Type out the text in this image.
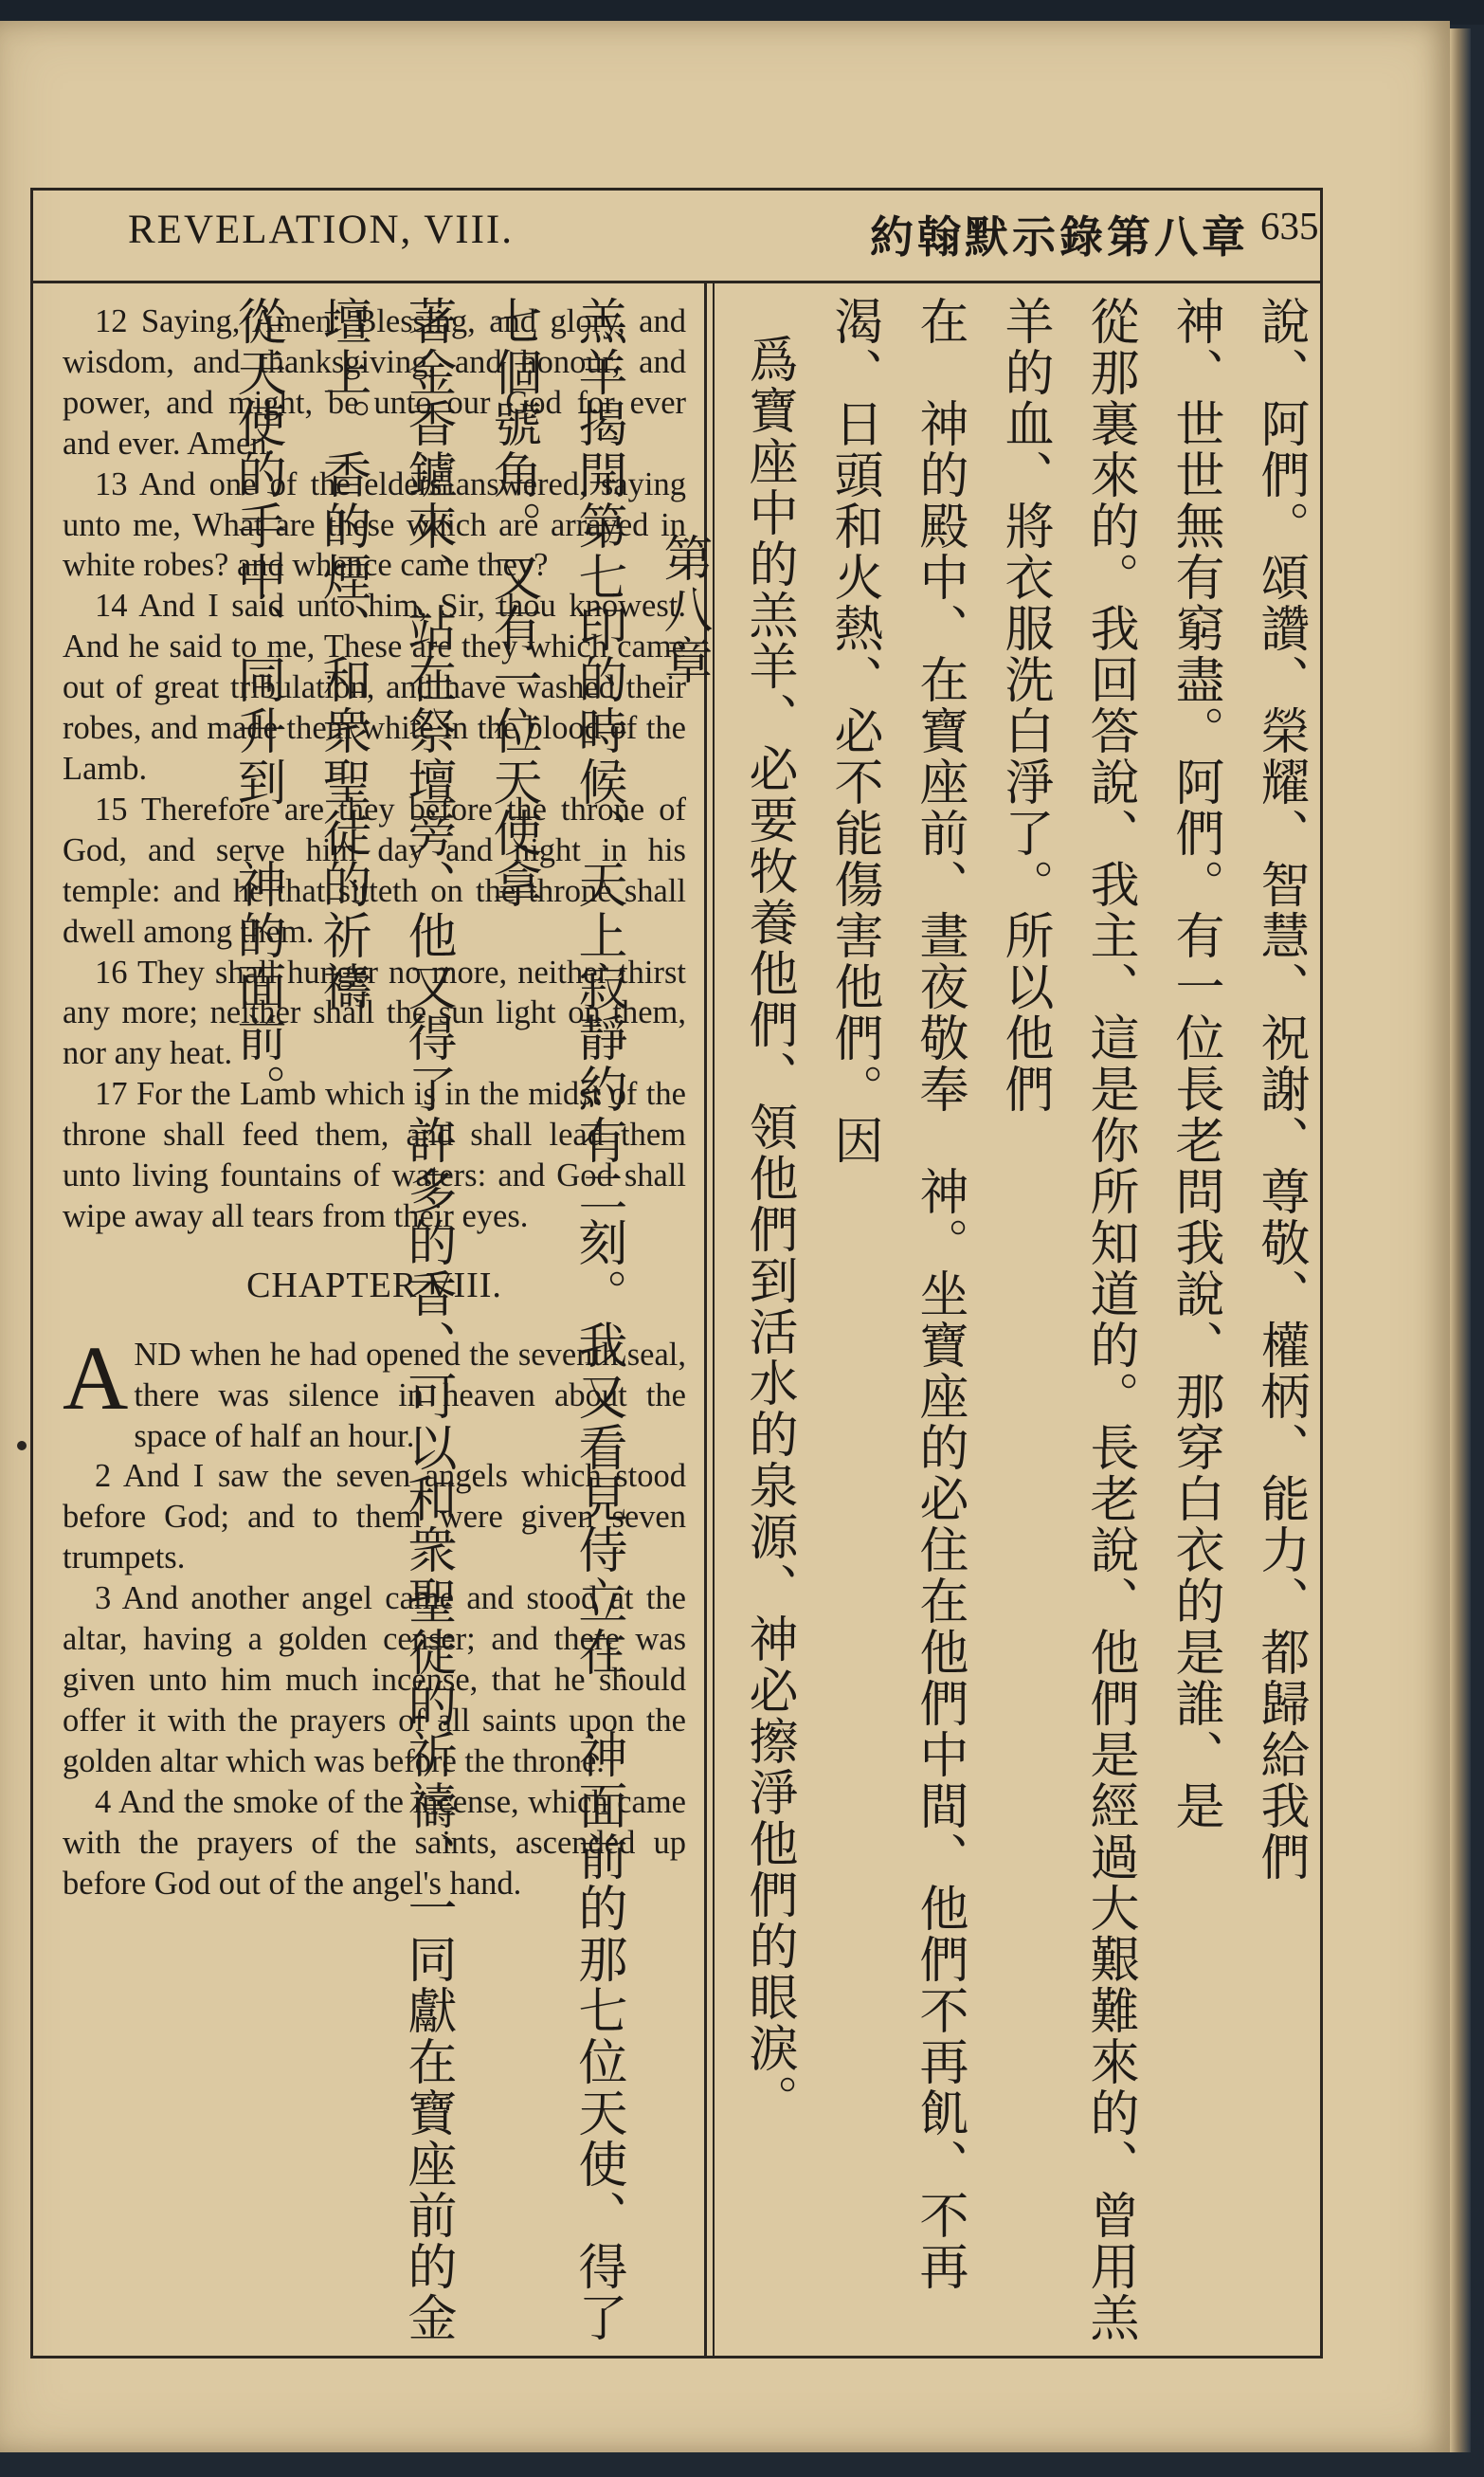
REVELATION, VIII.	約翰默示錄第八章 635

12 Saying, Amen: Blessing, and glory, and wisdom, and thanksgiving, and honour, and power, and might, be unto our God for ever and ever. Amen.

13 And one of the elders answered, saying unto me, What are these which are arrayed in white robes? and whence came they?

14 And I said unto him, Sir, thou knowest. And he said to me, These are they which came out of great tribulation, and have washed their robes, and made them white in the blood of the Lamb.

15 Therefore are they before the throne of God, and serve him day and night in his temple: and he that sitteth on the throne shall dwell among them.

16 They shall hunger no more, neither thirst any more; neither shall the sun light on them, nor any heat.

17 For the Lamb which is in the midst of the throne shall feed them, and shall lead them unto living fountains of waters: and God shall wipe away all tears from their eyes.

CHAPTER VIII.

AND when he had opened the seventh seal, there was silence in heaven about the space of half an hour.

2 And I saw the seven angels which stood before God; and to them were given seven trumpets.

3 And another angel came and stood at the altar, having a golden censer; and there was given unto him much incense, that he should offer it with the prayers of all saints upon the golden altar which was before the throne.

4 And the smoke of the incense, which came with the prayers of the saints, ascended up before God out of the angel's hand.

說、阿們。頌讚、榮耀、智慧、祝謝、尊敬、權柄、能力、都歸給我們

神、世世無有窮盡。阿們。有一位長老問我說、那穿白衣的是誰、是

從那裏來的。我回答說、我主、這是你所知道的。長老說、他們是經過大艱難來的、曾用羔羊的血、將衣服洗白淨了。所以他們

在　神的殿中、在寶座前、晝夜敬奉　神。坐寶座的必住在他們中間、他們不再飢、不再渴、日頭和火熱、必不能傷害他們。因

爲寶座中的羔羊、必要牧養他們、領他們到活水的泉源、神必擦淨他們的眼淚。

第八章

羔羊揭開第七印的時候、天上寂靜約有二刻。我又看見侍立在　神面前的那七位天使、得了七個號角。又有一位天使拿

著金香鑪來、站在祭壇旁、他又得了許多的香、可以和衆聖徒的祈禱、一同獻在寶座前的金壇上。香的煙、和衆聖徒的祈禱

從天使的手中、同升到　神的面前。
